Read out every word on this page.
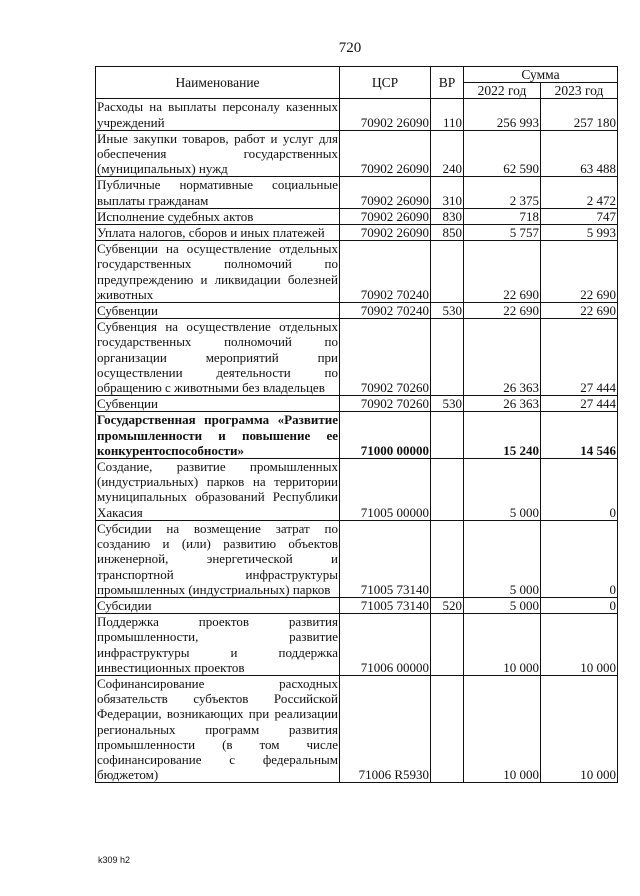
720
Наименование	ЦСР	ВР	Сумма	
			2022 год	2023 год
Расходы на выплаты персоналу казенных учреждений	70902 26090	110	256 993	257 180
Иные закупки товаров, работ и услуг для обеспечения государственных (муниципальных) нужд	70902 26090	240	62 590	63 488
Публичные нормативные социальные выплаты гражданам	70902 26090	310	2 375	2 472
Исполнение судебных актов	70902 26090	830	718	747
Уплата налогов, сборов и иных платежей	70902 26090	850	5 757	5 993
Субвенции на осуществление отдельных государственных полномочий по предупреждению и ликвидации болезней животных	70902 70240		22 690	22 690
Субвенции	70902 70240	530	22 690	22 690
Субвенция на осуществление отдельных государственных полномочий по организации мероприятий при осуществлении деятельности по обращению с животными без владельцев	70902 70260		26 363	27 444
Субвенции	70902 70260	530	26 363	27 444
Государственная программа «Развитие промышленности и повышение ее конкурентоспособности»	71000 00000		15 240	14 546
Создание, развитие промышленных (индустриальных) парков на территории муниципальных образований Республики Хакасия	71005 00000		5 000	0
Субсидии на возмещение затрат по созданию и (или) развитию объектов инженерной, энергетической и транспортной инфраструктуры промышленных (индустриальных) парков	71005 73140		5 000	0
Субсидии	71005 73140	520	5 000	0
Поддержка проектов развития промышленности, развитие инфраструктуры и поддержка инвестиционных проектов	71006 00000		10 000	10 000
Софинансирование расходных обязательств субъектов Российской Федерации, возникающих при реализации региональных программ развития промышленности (в том числе софинансирование с федеральным бюджетом)	71006 R5930		10 000	10 000
k309 h2
